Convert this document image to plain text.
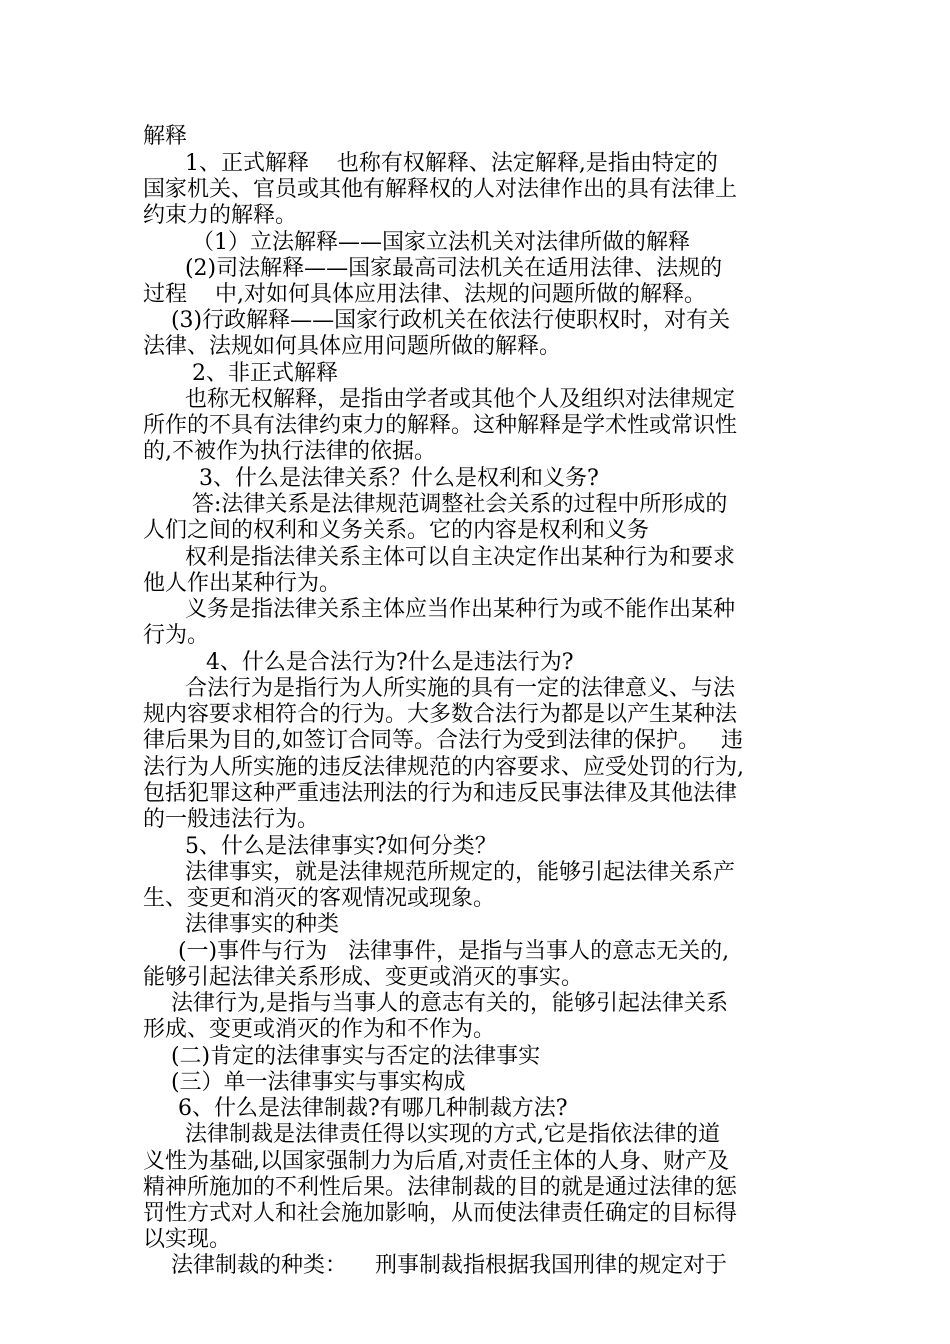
解释
1、正式解释    也称有权解释、法定解释,是指由特定的
国家机关、官员或其他有解释权的人对法律作出的具有法律上
约束力的解释。
（1）立法解释——国家立法机关对法律所做的解释
(2)司法解释——国家最高司法机关在适用法律、法规的
过程    中,对如何具体应用法律、法规的问题所做的解释。
(3)行政解释——国家行政机关在依法行使职权时，对有关
法律、法规如何具体应用问题所做的解释。
2、非正式解释
也称无权解释，是指由学者或其他个人及组织对法律规定
所作的不具有法律约束力的解释。这种解释是学术性或常识性
的,不被作为执行法律的依据。
3、什么是法律关系？什么是权利和义务?
答:法律关系是法律规范调整社会关系的过程中所形成的
人们之间的权利和义务关系。它的内容是权利和义务
权利是指法律关系主体可以自主决定作出某种行为和要求
他人作出某种行为。
义务是指法律关系主体应当作出某种行为或不能作出某种
行为。
4、什么是合法行为?什么是违法行为?
合法行为是指行为人所实施的具有一定的法律意义、与法
规内容要求相符合的行为。大多数合法行为都是以产生某种法
律后果为目的,如签订合同等。合法行为受到法律的保护。   违
法行为人所实施的违反法律规范的内容要求、应受处罚的行为,
包括犯罪这种严重违法刑法的行为和违反民事法律及其他法律
的一般违法行为。
5、什么是法律事实?如何分类？
法律事实，就是法律规范所规定的，能够引起法律关系产
生、变更和消灭的客观情况或现象。
法律事实的种类
(一)事件与行为   法律事件，是指与当事人的意志无关的,
能够引起法律关系形成、变更或消灭的事实。
法律行为,是指与当事人的意志有关的，能够引起法律关系
形成、变更或消灭的作为和不作为。
(二)肯定的法律事实与否定的法律事实
(三）单一法律事实与事实构成
6、什么是法律制裁?有哪几种制裁方法?
法律制裁是法律责任得以实现的方式,它是指依法律的道
义性为基础,以国家强制力为后盾,对责任主体的人身、财产及
精神所施加的不利性后果。法律制裁的目的就是通过法律的惩
罚性方式对人和社会施加影响，从而使法律责任确定的目标得
以实现。
法律制裁的种类：    刑事制裁指根据我国刑律的规定对于
